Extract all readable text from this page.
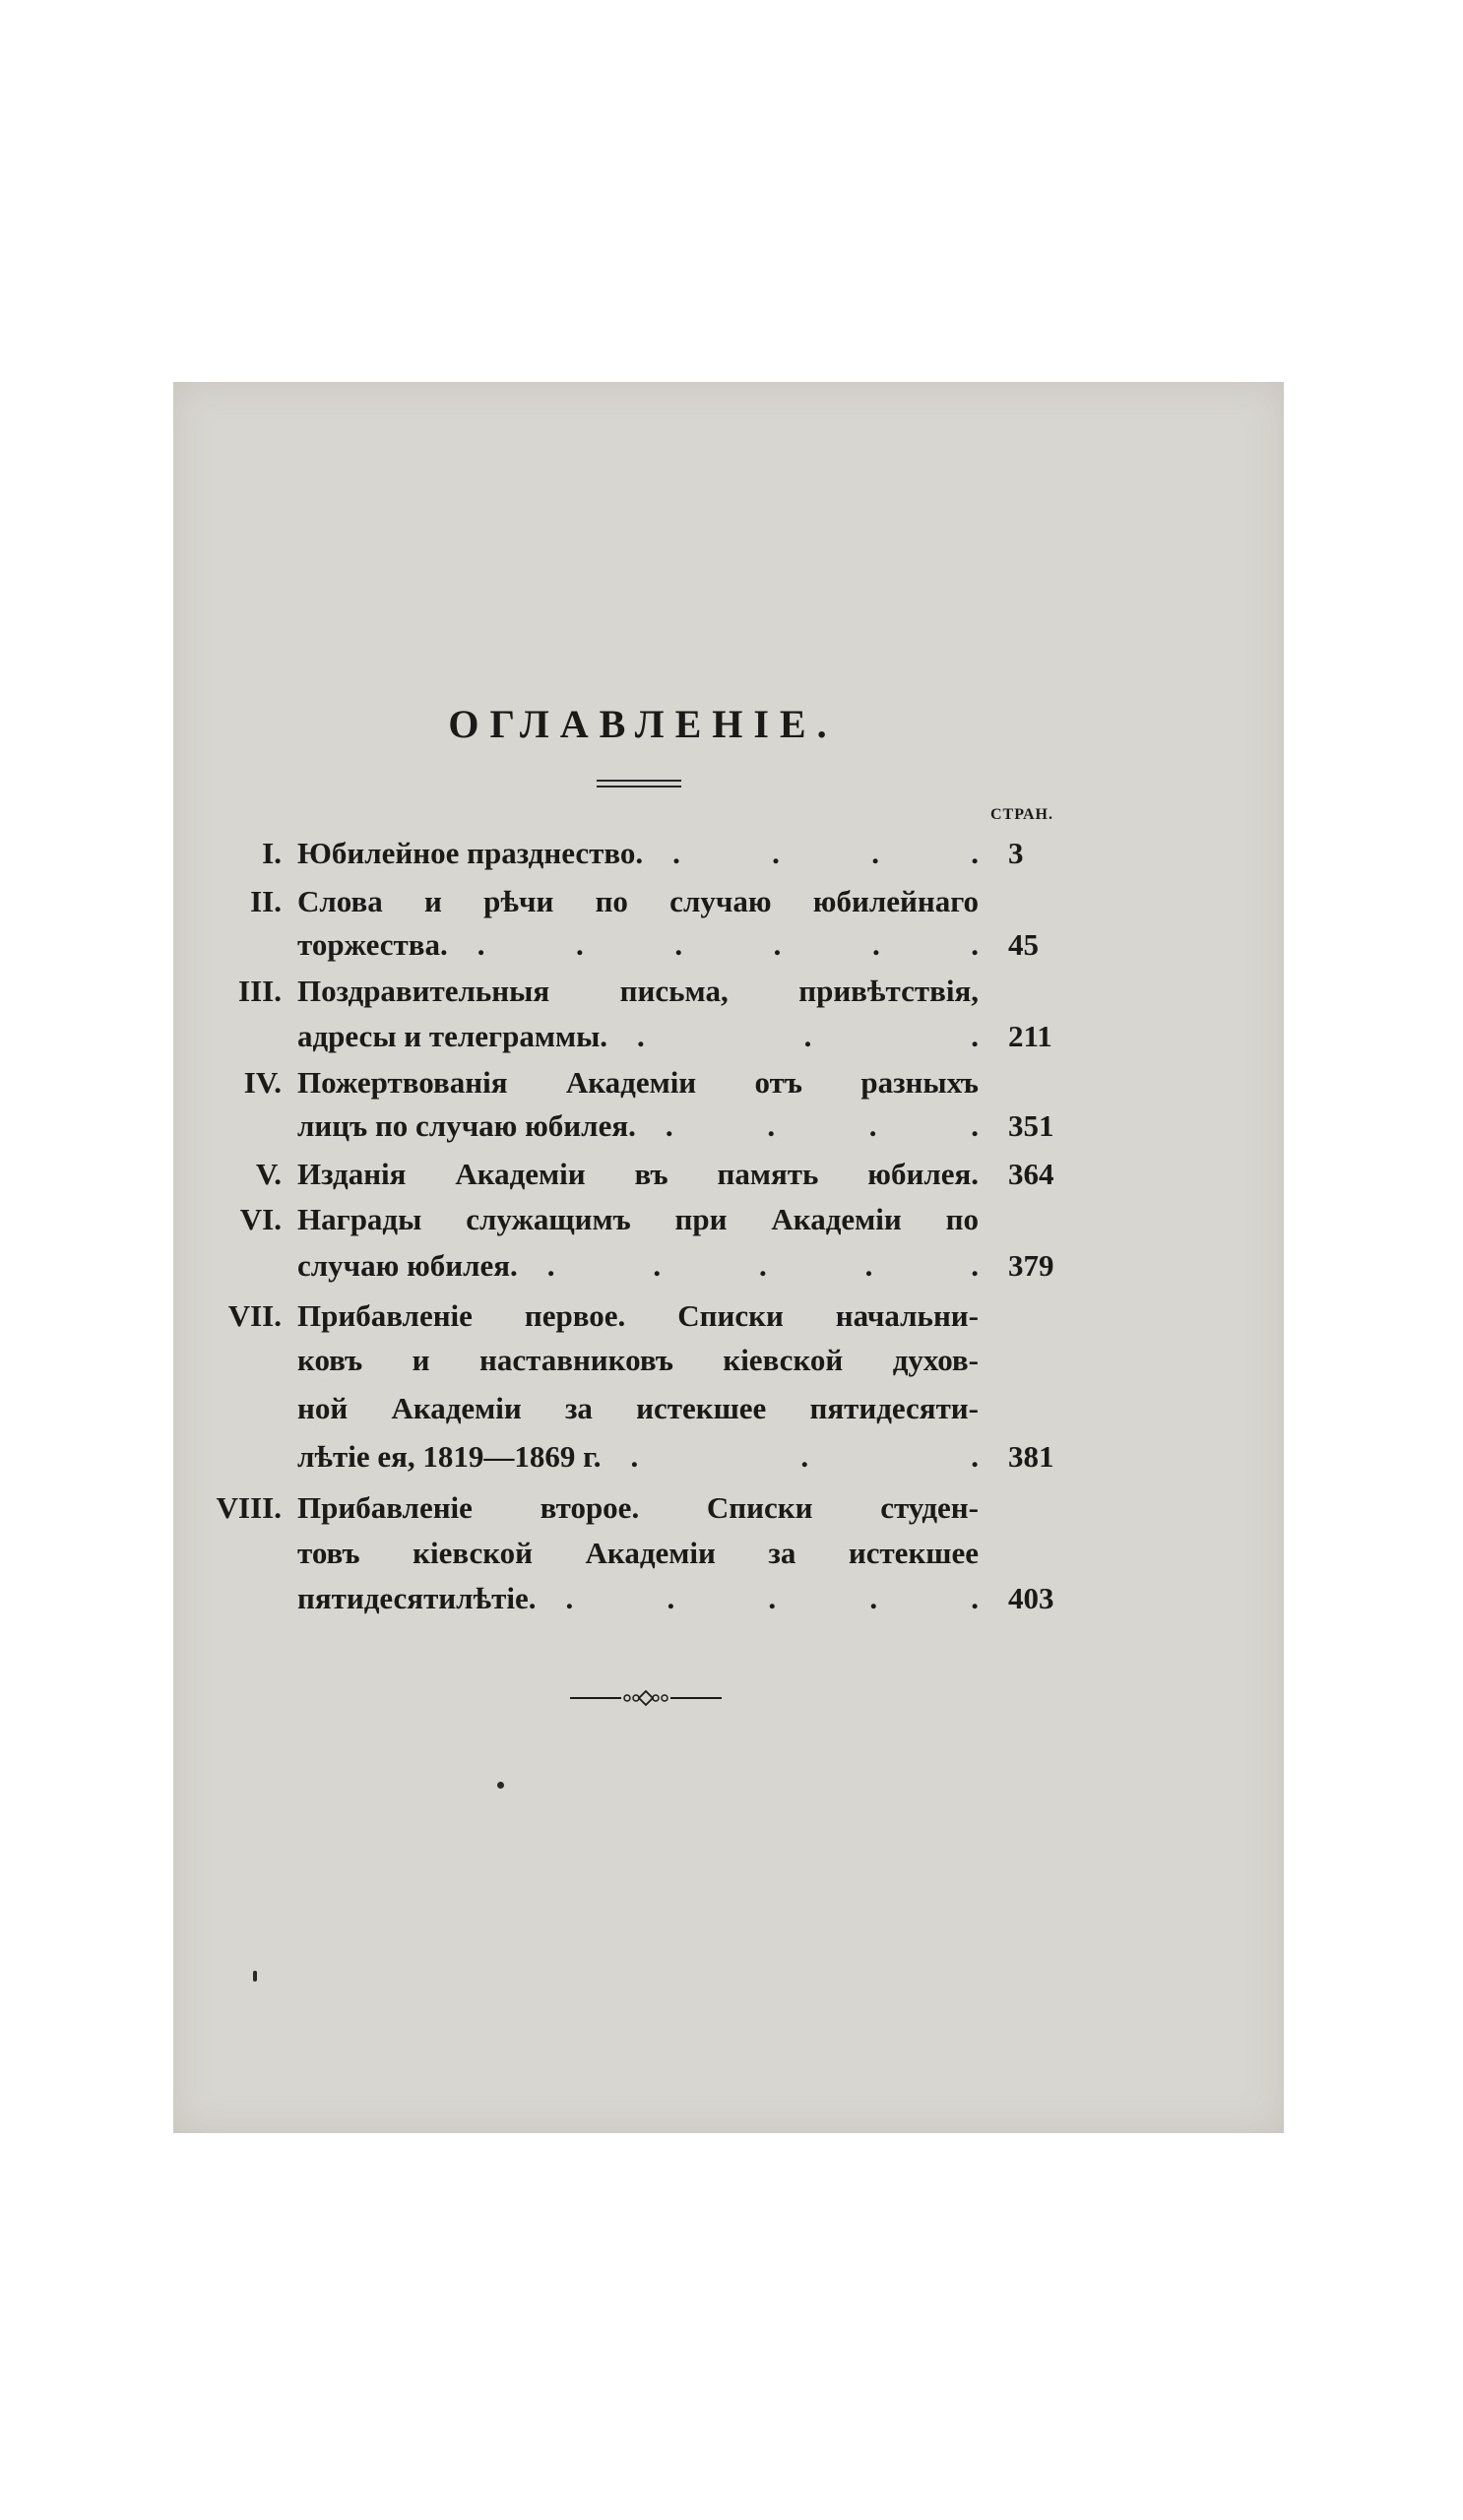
ОГЛАВЛЕНІЕ.
СТРАН.
I. Юбилейное празднество. . . . . 3
II. Слова и рѣчи по случаю юбилейнаго
торжества. . . . . . . 45
III. Поздравительныя письма, привѣтствія,
адресы и телеграммы. . . . 211
IV. Пожертвованія Академіи отъ разныхъ
лицъ по случаю юбилея. . . . . 351
V. Изданія Академіи въ память юбилея. 364
VI. Награды служащимъ при Академіи по
случаю юбилея. . . . . . 379
VII. Прибавленіе первое. Списки начальни-
ковъ и наставниковъ кіевской духов-
ной Академіи за истекшее пятидесяти-
лѣтіе ея, 1819—1869 г. . . . 381
VIII. Прибавленіе второе. Списки студен-
товъ кіевской Академіи за истекшее
пятидесятилѣтіе. . . . . . 403
